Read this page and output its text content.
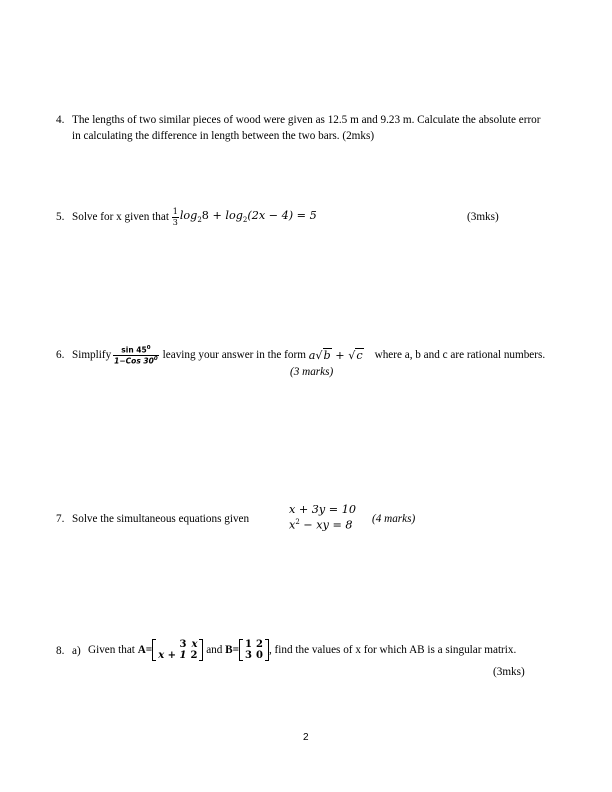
4. The lengths of two similar pieces of wood were given as 12.5 m and 9.23 m. Calculate the absolute error
in calculating the difference in length between the two bars. (2mks)
5. Solve for x given that
$\frac{1}{3} \log_28 + \log_2(2x - 4) = 5$	(3mks)
6. Simplify $\frac{\sin 45^0}{1-Cos 30^0}$ leaving your answer in the form
a√b + √c where a, b and c are rational numbers.
(3 marks)
7. Solve the simultaneous equations given
x + 3y = 10
$x^2$ − xy = 8 (4 marks)
8. a) Given that
A=	3	x
x + 1	2
and
B= 1	2
3	0 , find the values of x for which AB is a singular matrix.
(3mks)
2
